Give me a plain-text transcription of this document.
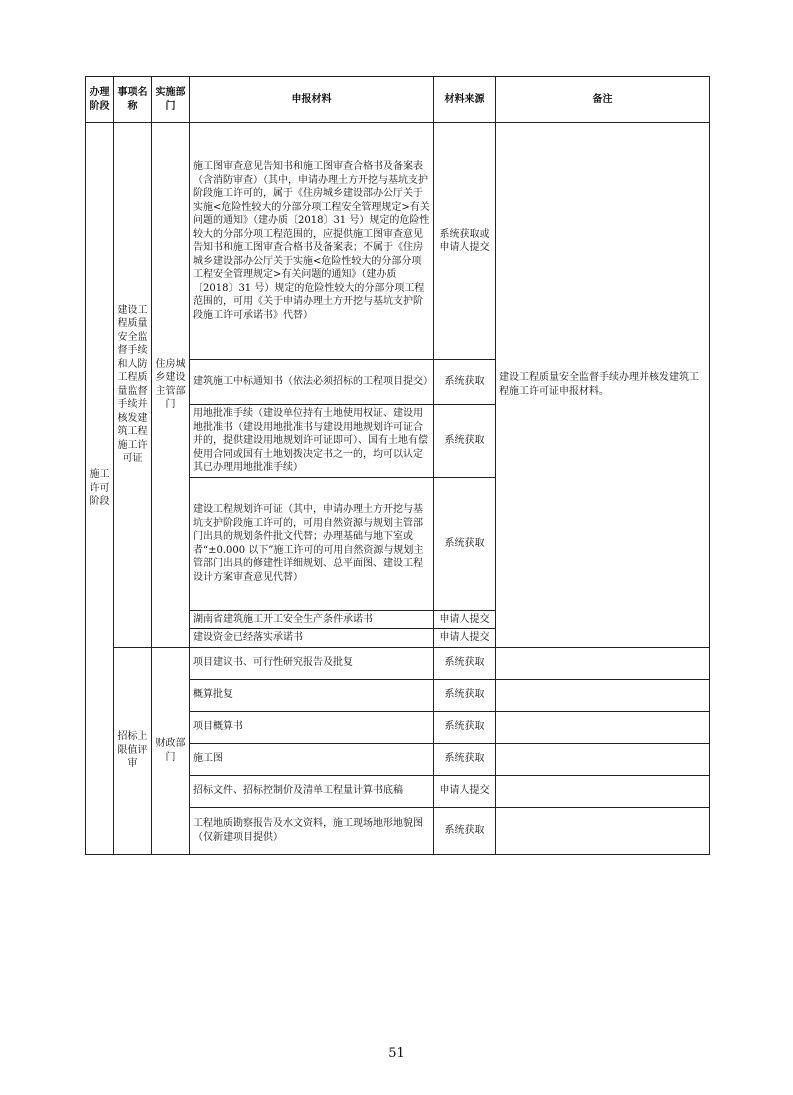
办理阶段	事项名称	实施部门	申报材料	材料来源	备注
施工许可阶段	建设工程质量安全监督手续和人防工程质量监督手续并核发建筑工程施工许可证	住房城乡建设主管部门	施工图审查意见告知书和施工图审查合格书及备案表（含消防审查）（其中，申请办理土方开挖与基坑支护阶段施工许可的，属于《住房城乡建设部办公厅关于实施<危险性较大的分部分项工程安全管理规定>有关问题的通知》（建办质〔2018〕31 号）规定的危险性较大的分部分项工程范围的，应提供施工图审查意见告知书和施工图审查合格书及备案表；不属于《住房城乡建设部办公厅关于实施<危险性较大的分部分项工程安全管理规定>有关问题的通知》（建办质〔2018〕31 号）规定的危险性较大的分部分项工程范围的，可用《关于申请办理土方开挖与基坑支护阶段施工许可承诺书》代替）	系统获取或申请人提交	建设工程质量安全监督手续办理并核发建筑工程施工许可证申报材料。
			建筑施工中标通知书（依法必须招标的工程项目提交）	系统获取	
			用地批准手续（建设单位持有土地使用权证、建设用地批准书（建设用地批准书与建设用地规划许可证合并的，提供建设用地规划许可证即可）、国有土地有偿使用合同或国有土地划拨决定书之一的，均可以认定其已办理用地批准手续）	系统获取	
			建设工程规划许可证（其中，申请办理土方开挖与基坑支护阶段施工许可的，可用自然资源与规划主管部门出具的规划条件批文代替；办理基础与地下室或者“±0.000 以下”施工许可的可用自然资源与规划主管部门出具的修建性详细规划、总平面图、建设工程设计方案审查意见代替）	系统获取	
			湖南省建筑施工开工安全生产条件承诺书	申请人提交	
			建设资金已经落实承诺书	申请人提交	
	招标上限值评审	财政部门	项目建议书、可行性研究报告及批复	系统获取	
			概算批复	系统获取	
			项目概算书	系统获取	
			施工图	系统获取	
			招标文件、招标控制价及清单工程量计算书底稿	申请人提交	
			工程地质勘察报告及水文资料，施工现场地形地貌图（仅新建项目提供）	系统获取	
51
